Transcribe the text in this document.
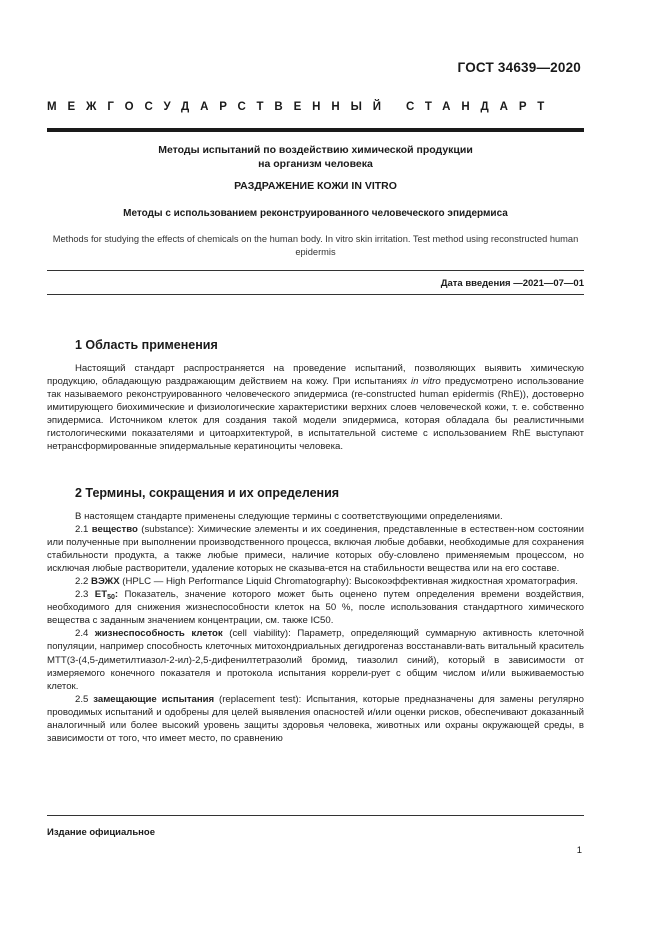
ГОСТ 34639—2020
МЕЖГОСУДАРСТВЕННЫЙ СТАНДАРТ
Методы испытаний по воздействию химической продукции
на организм человека
РАЗДРАЖЕНИЕ КОЖИ IN VITRO
Методы с использованием реконструированного человеческого эпидермиса
Methods for studying the effects of chemicals on the human body. In vitro skin irritation. Test method using reconstructed human epidermis
Дата введения —2021—07—01
1 Область применения

Настоящий стандарт распространяется на проведение испытаний, позволяющих выявить химическую продукцию, обладающую раздражающим действием на кожу. При испытаниях in vitro предусмотрено использование так называемого реконструированного человеческого эпидермиса (re-constructed human epidermis (RhE)), достоверно имитирующего биохимические и физиологические характеристики верхних слоев человеческой кожи, т. е. собственно эпидермиса. Источником клеток для создания такой модели эпидермиса, которая обладала бы реалистичными гистологическими показателями и цитоархитектурой, в испытательной системе с использованием RhE выступают нетрансформированные эпидермальные кератиноциты человека.

2 Термины, сокращения и их определения

В настоящем стандарте применены следующие термины с соответствующими определениями.

2.1 вещество (substance): Химические элементы и их соединения, представленные в естествен-ном состоянии или полученные при выполнении производственного процесса, включая любые добавки, необходимые для сохранения стабильности продукта, а также любые примеси, наличие которых обу-словлено применяемым процессом, но исключая любые растворители, удаление которых не сказыва-ется на стабильности вещества или на его составе.

2.2 ВЭЖХ (HPLC — High Performance Liquid Chromatography): Высокоэффективная жидкостная хроматография.

2.3 $ET_{50}$: Показатель, значение которого может быть оценено путем определения времени воздействия, необходимого для снижения жизнеспособности клеток на 50 %, после использования стандартного химического вещества с заданным значением концентрации, см. также IC50.

2.4 жизнеспособность клеток (cell viability): Параметр, определяющий суммарную активность клеточной популяции, например способность клеточных митохондриальных дегидрогеназ восстанавли-вать витальный краситель МТТ(3-(4,5-диметилтиазол-2-ил)-2,5-дифенилтетразолий бромид, тиазолил синий), который в зависимости от измеряемого конечного показателя и протокола испытания коррели-рует с общим числом и/или выживаемостью клеток.

2.5 замещающие испытания (replacement test): Испытания, которые предназначены для замены регулярно проводимых испытаний и одобрены для целей выявления опасностей и/или оценки рисков, обеспечивают доказанный аналогичный или более высокий уровень защиты здоровья человека, животных или охраны окружающей среды, в зависимости от того, что имеет место, по сравнению

Издание официальное
1
